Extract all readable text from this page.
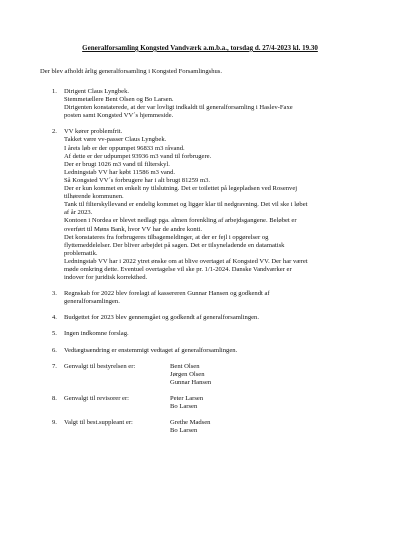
Generalforsamling Kongsted Vandværk a.m.b.a., torsdag d. 27/4-2023 kl. 19.30
Der blev afholdt årlig generalforsamling i Kongsted Forsamlingshus.
1. Dirigent Claus Lyngbek.
Stemmetællere Bent Olsen og Bo Larsen.
Dirigenten konstaterede, at der var lovligt indkaldt til generalforsamling i Haslev-Faxe
posten samt Kongsted VV´s hjemmeside.
2. VV kører problemfrit.
Takket være vv-passer Claus Lyngbek.
I årets løb er der oppumpet 96833 m3 råvand.
Af dette er der udpumpet 93936 m3 vand til forbrugere.
Der er brugt 1026 m3 vand til filterskyl.
Ledningstab VV har købt 11586 m3 vand.
Så Kongsted VV´s forbrugere har i alt brugt 81259 m3.
Der er kun kommet en enkelt ny tilslutning. Det er toilettet på legepladsen ved Rosenvej
tilhørende kommunen.
Tank til filterskyllevand er endelig kommet og ligger klar til nedgravning. Det vil ske i løbet
af år 2023.
Kontoen i Nordea er blevet nedlagt pga. almen forenkling af arbejdsgangene. Beløbet er
overført til Møns Bank, hvor VV har de andre konti.
Det konstateres fra forbrugeres tilbagemeldinger, at der er fejl i opgørelser og
flyttemeddelelser. Der bliver arbejdet på sagen. Det er tilsyneladende en datamatisk
problematik.
Ledningstab VV har i 2022 ytret ønske om at blive overtaget af Kongsted VV. Der har været
møde omkring dette. Eventuel overtagelse vil ske pr. 1/1-2024. Danske Vandværker er
indover for juridisk korrekthed.
3. Regnskab for 2022 blev forelagt af kassereren Gunnar Hansen og godkendt af
generalforsamlingen.
4. Budgettet for 2023 blev gennemgået og godkendt af generalforsamlingen.
5. Ingen indkomne forslag.
6. Vedtægtsændring er enstemmigt vedtaget af generalforsamlingen.
7. Genvalgt til bestyrelsen er:	Bent Olsen
Jørgen Olsen
Gunnar Hansen
8. Genvalgt til revisorer er:	Peter Larsen
Bo Larsen
9. Valgt til best.suppleant er:	Grethe Madsen
Bo Larsen
